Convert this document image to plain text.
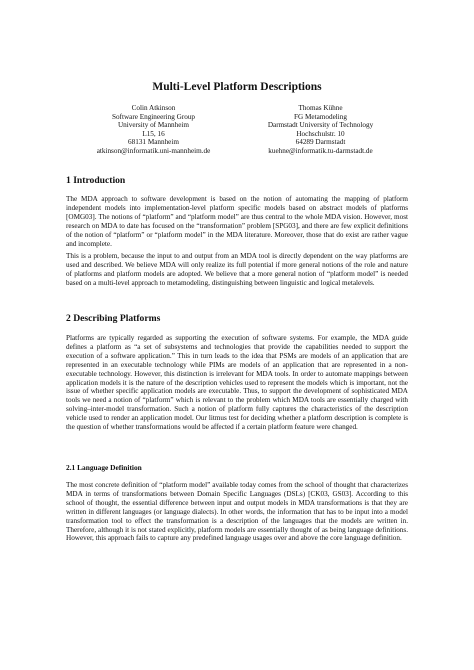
Multi-Level Platform Descriptions
Colin Atkinson
Software Engineering Group
University of Mannheim
L15, 16
68131 Mannheim
atkinson@informatik.uni-mannheim.de
Thomas Kühne
FG Metamodeling
Darmstadt University of Technology
Hochschulstr. 10
64289 Darmstadt
kuehne@informatik.tu-darmstadt.de
1 Introduction

The MDA approach to software development is based on the notion of automating the mapping of platform independent models into implementation-level platform specific models based on abstract models of platforms [OMG03]. The notions of “platform” and “platform model” are thus central to the whole MDA vision. However, most research on MDA to date has focused on the “transformation” problem [SPG03], and there are few explicit definitions of the notion of “platform” or “platform model” in the MDA literature. Moreover, those that do exist are rather vague and incomplete.

This is a problem, because the input to and output from an MDA tool is directly dependent on the way platforms are used and described. We believe MDA will only realize its full potential if more general notions of the role and nature of platforms and platform models are adopted. We believe that a more general notion of “platform model” is needed based on a multi-level approach to metamodeling, distinguishing between linguistic and logical metalevels.

2 Describing Platforms

Platforms are typically regarded as supporting the execution of software systems. For example, the MDA guide defines a platform as “a set of subsystems and technologies that provide the capabilities needed to support the execution of a software application.” This in turn leads to the idea that PSMs are models of an application that are represented in an executable technology while PIMs are models of an application that are represented in a non-executable technology. However, this distinction is irrelevant for MDA tools. In order to automate mappings between application models it is the nature of the description vehicles used to represent the models which is important, not the issue of whether specific application models are executable. Thus, to support the development of sophisticated MDA tools we need a notion of “platform” which is relevant to the problem which MDA tools are essentially charged with solving–inter-model transformation. Such a notion of platform fully captures the characteristics of the description vehicle used to render an application model. Our litmus test for deciding whether a platform description is complete is the question of whether transformations would be affected if a certain platform feature were changed.

2.1 Language Definition

The most concrete definition of “platform model” available today comes from the school of thought that characterizes MDA in terms of transformations between Domain Specific Languages (DSLs) [CK03, GS03]. According to this school of thought, the essential difference between input and output models in MDA transformations is that they are written in different languages (or language dialects). In other words, the information that has to be input into a model transformation tool to effect the transformation is a description of the languages that the models are written in. Therefore, although it is not stated explicitly, platform models are essentially thought of as being language definitions. However, this approach fails to capture any predefined language usages over and above the core language definition.
